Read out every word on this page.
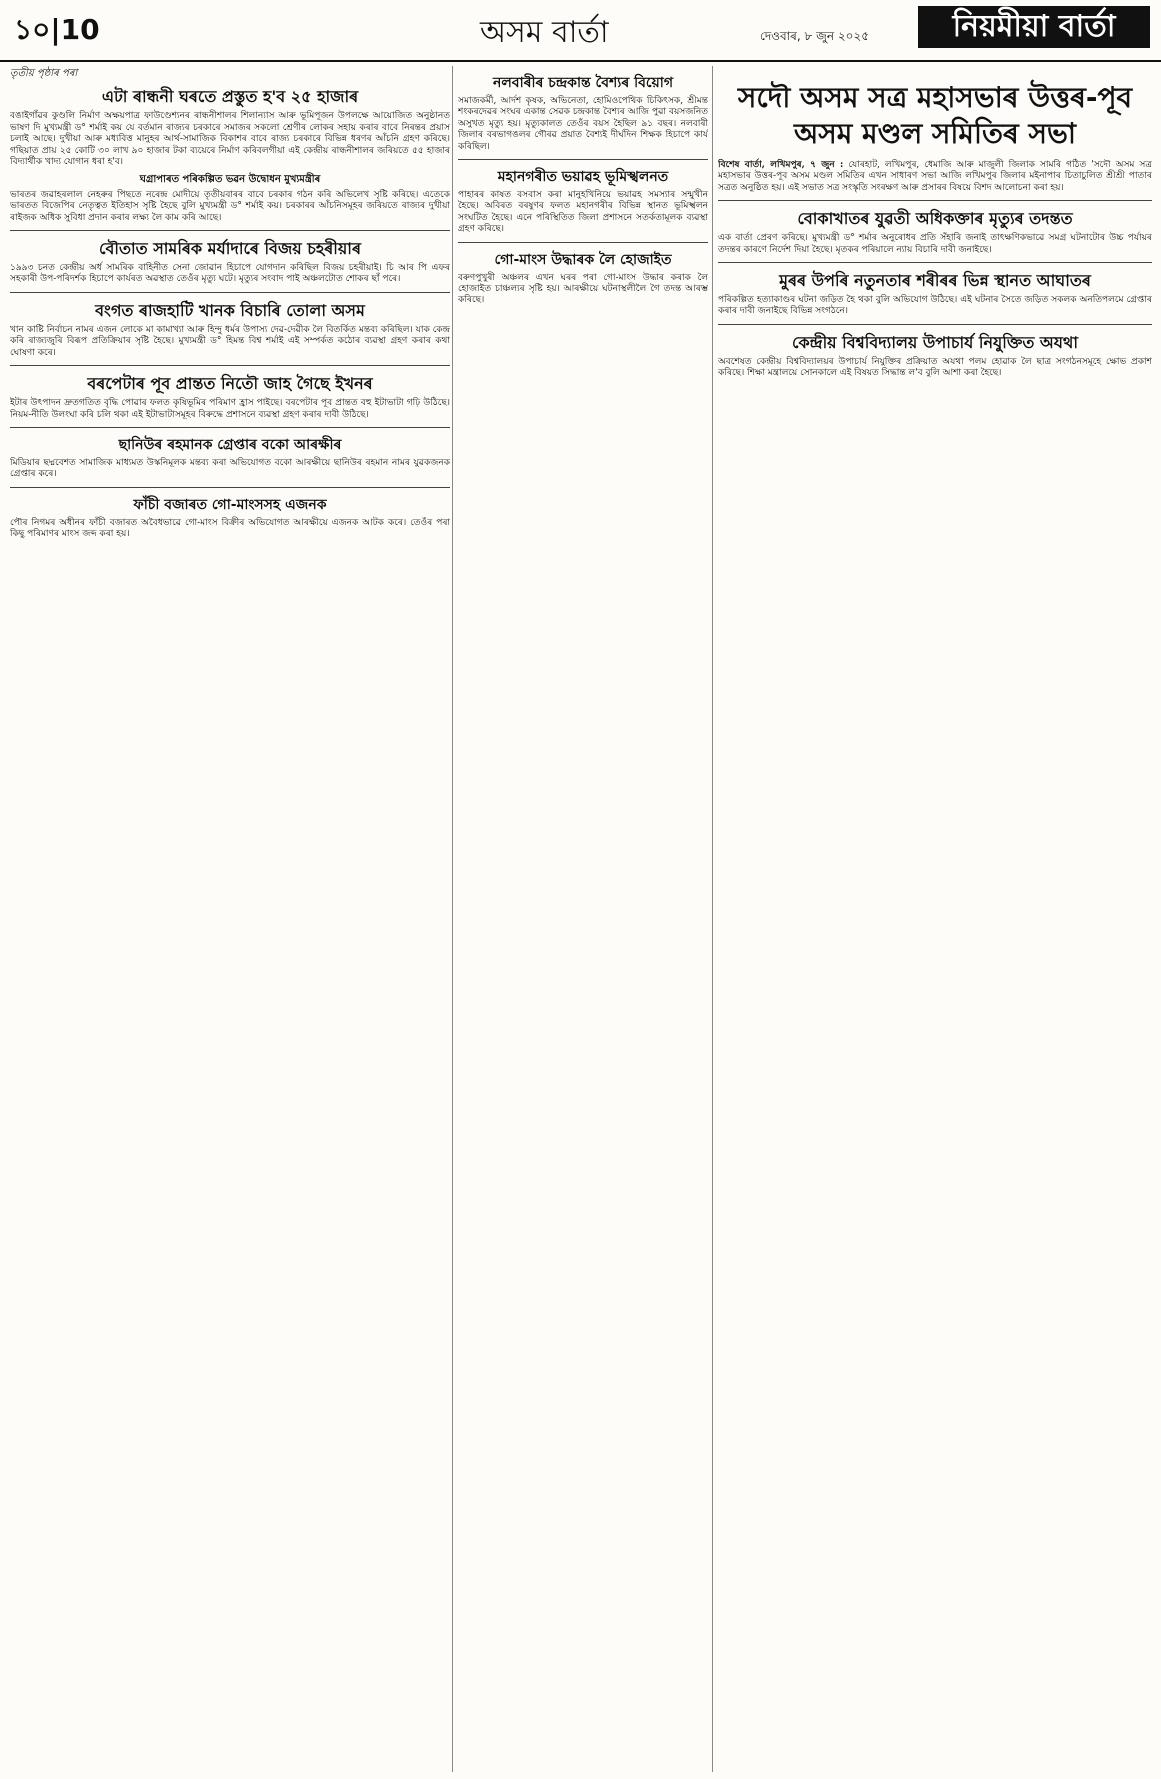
১০|10	অসম বাৰ্তা	দেওবাৰ, ৮ জুন ২০২৫	নিয়মীয়া বাৰ্তা
তৃতীয় পৃষ্ঠাৰ পৰা
এটা ৰান্ধনী ঘৰতে প্ৰস্তুত হ'ব ২৫ হাজাৰ

বঙাইগাঁৱৰ কুণ্ডলি নিৰ্মাণ অক্ষয়পাত্ৰ ফাউণ্ডেশ্যনৰ ৰান্ধনীশালৰ শিলান্যাস আৰু ভূমিপূজন উপলক্ষে আয়োজিত অনুষ্ঠানত ভাষণ দি মুখ্যমন্ত্ৰী ড° শৰ্মাই কয় যে বৰ্তমান ৰাজ্যৰ চৰকাৰে সমাজৰ সকলো শ্ৰেণীৰ লোকৰ সহায় কৰাৰ বাবে নিৰন্তৰ প্ৰয়াস চলাই আছে। দুখীয়া আৰু মধ্যবিত্ত মানুহৰ আৰ্থ-সামাজিক বিকাশৰ বাবে ৰাজ্য চৰকাৰে বিভিন্ন ধৰণৰ আঁচনি গ্ৰহণ কৰিছে। গছিয়াত প্ৰায় ২৫ কোটি ৩০ লাখ ৯০ হাজাৰ টকা ব্যয়েৰে নিৰ্মাণ কৰিবলগীয়া এই কেন্দ্ৰীয় ৰান্ধনীশালৰ জৰিয়তে ৫৫ হাজাৰ বিদ্যাৰ্থীক খাদ্য যোগান ধৰা হ'ব।

ঘগ্ৰাপাৰত পৰিকল্পিত ভৱন উদ্বোধন মুখ্যমন্ত্ৰীৰ

ভাৰতৰ জৱাহৰলাল নেহৰুৰ পিছতে নৰেন্দ্ৰ মোদীয়ে তৃতীয়বাৰৰ বাবে চৰকাৰ গঠন কৰি অভিলেখ সৃষ্টি কৰিছে। এতেকে ভাৰতত বিজেপিৰ নেতৃত্বত ইতিহাস সৃষ্টি হৈছে বুলি মুখ্যমন্ত্ৰী ড° শৰ্মাই কয়। চৰকাৰৰ আঁচনিসমূহৰ জৰিয়তে ৰাজ্যৰ দুখীয়া ৰাইজক অধিক সুবিধা প্ৰদান কৰাৰ লক্ষ্য লৈ কাম কৰি আছে।

বৌতাত সামৰিক মৰ্যাদাৰে বিজয় চহৰীয়াৰ

১৯৯৩ চনত কেন্দ্ৰীয় অৰ্ধ সামৰিক বাহিনীত সেনা জোৱান হিচাপে যোগদান কৰিছিল বিজয় চহৰীয়াই। চি আৰ পি এফৰ সহকাৰী উপ-পৰিদৰ্শক হিচাপে কাৰ্যৰত অৱস্থাত তেওঁৰ মৃত্যু ঘটে। মৃত্যুৰ সংবাদ পাই অঞ্চলটোত শোকৰ ছাঁ পৰে।

বংগত ৰাজহাটি খানক বিচাৰি তোলা অসম

খান কাষ্টি নিৰ্বাচন নামৰ এজন লোকে মা কামাখ্যা আৰু হিন্দু ধৰ্মৰ উপাস্য দেৱ-দেৱীক লৈ বিতৰ্কিত মন্তব্য কৰিছিল। যাক কেন্দ্ৰ কৰি ৰাজ্যজুৰি বিৰূপ প্ৰতিক্ৰিয়াৰ সৃষ্টি হৈছে। মুখ্যমন্ত্ৰী ড° হিমন্ত বিশ্ব শৰ্মাই এই সম্পৰ্কত কঠোৰ ব্যৱস্থা গ্ৰহণ কৰাৰ কথা ঘোষণা কৰে।

বৰপেটাৰ পূব প্ৰান্তত নিতৌ জাহ গৈছে ইখনৰ

ইটাৰ উৎপাদন দ্ৰুতগতিত বৃদ্ধি পোৱাৰ ফলত কৃষিভূমিৰ পৰিমাণ হ্ৰাস পাইছে। বৰপেটাৰ পূব প্ৰান্তত বহু ইটাভাটা গঢ়ি উঠিছে। নিয়ম-নীতি উলংঘা কৰি চলি থকা এই ইটাভাটাসমূহৰ বিৰুদ্ধে প্ৰশাসনে ব্যৱস্থা গ্ৰহণ কৰাৰ দাবী উঠিছে।

ছানিউৰ ৰহমানক গ্ৰেপ্তাৰ বকো আৰক্ষীৰ

মিডিয়াৰ ছদ্মবেশত সামাজিক মাধ্যমত উস্কনিমূলক মন্তব্য কৰা অভিযোগত বকো আৰক্ষীয়ে ছানিউৰ ৰহমান নামৰ যুৱকজনক গ্ৰেপ্তাৰ কৰে।

ফাঁচী বজাৰত গো-মাংসসহ এজনক

পৌৰ নিগমৰ অধীনৰ ফাঁচী বজাৰত অবৈধভাৱে গো-মাংস বিক্ৰীৰ অভিযোগত আৰক্ষীয়ে এজনক আটক কৰে। তেওঁৰ পৰা কিছু পৰিমাণৰ মাংস জব্দ কৰা হয়।

নলবাৰীৰ চন্দ্ৰকান্ত বৈশ্যৰ বিয়োগ

সমাজকৰ্মী, আৰ্দশ কৃষক, অভিনেতা, হোমিওপেথিক চিকিৎসক, শ্ৰীমন্ত শংকৰদেৱৰ সংঘৰ একান্ত সেৱক চন্দ্ৰকান্ত বৈশ্যৰ আজি পুৱা বয়সজনিত অসুখত মৃত্যু হয়। মৃত্যুকালত তেওঁৰ বয়স হৈছিল ৯১ বছৰ। নলবাৰী জিলাৰ বৰভাগঙলৰ গৌৰৱ প্ৰয়াত বৈশ্যই দীৰ্ঘদিন শিক্ষক হিচাপে কাৰ্য কৰিছিল।

মহানগৰীত ভয়াৱহ ভূমিস্খলনত

পাহাৰৰ কাষত বসবাস কৰা মানুহখিনিয়ে ভয়াৱহ সমস্যাৰ সন্মুখীন হৈছে। অবিৰত বৰষুণৰ ফলত মহানগৰীৰ বিভিন্ন স্থানত ভূমিস্খলন সংঘটিত হৈছে। এনে পৰিস্থিতিত জিলা প্ৰশাসনে সতৰ্কতামূলক ব্যৱস্থা গ্ৰহণ কৰিছে।

গো-মাংস উদ্ধাৰক লৈ হোজাইত

বৰুণপুখুৰী অঞ্চলৰ এখন ঘৰৰ পৰা গো-মাংস উদ্ধাৰ কৰাক লৈ হোজাইত চাঞ্চল্যৰ সৃষ্টি হয়। আৰক্ষীয়ে ঘটনাস্থলীলৈ গৈ তদন্ত আৰম্ভ কৰিছে।

সদৌ অসম সত্ৰ মহাসভাৰ উত্তৰ-পূব অসম মণ্ডল সমিতিৰ সভা

বিশেষ বাৰ্তা, লখিমপুৰ, ৭ জুন : যোৰহাট, লখিমপুৰ, ধেমাজি আৰু মাজুলী জিলাক সামৰি গঠিত 'সদৌ অসম সত্ৰ মহাসভাৰ উত্তৰ-পূব অসম মণ্ডল সমিতিৰ এখন সাধাৰণ সভা আজি লখিমপুৰ জিলাৰ মইনাপাৰ চিতাচুলিত শ্ৰীশ্ৰী পাতাৰ সত্ৰত অনুষ্ঠিত হয়। এই সভাত সত্ৰ সংস্কৃতি সংৰক্ষণ আৰু প্ৰসাৰৰ বিষয়ে বিশদ আলোচনা কৰা হয়।

বোকাখাতৰ যুৱতী অধিকক্তাৰ মৃত্যুৰ তদন্তত

এক বাৰ্তা প্ৰেৰণ কৰিছে। মুখ্যমন্ত্ৰী ড° শৰ্মাৰ অনুৰোধৰ প্ৰতি সঁহাৰি জনাই তাৎক্ষণিকভাৱে সমগ্ৰ ঘটনাটোৰ উচ্চ পৰ্যায়ৰ তদন্তৰ কাৰণে নিৰ্দেশ দিয়া হৈছে। মৃতকৰ পৰিয়ালে ন্যায় বিচাৰি দাবী জনাইছে।

মুৰৰ উপৰি নতুনতাৰ শৰীৰৰ ভিন্ন স্থানত আঘাতৰ

পৰিকল্পিত হত্যাকাণ্ডৰ ঘটনা জড়িত হৈ থকা বুলি অভিযোগ উঠিছে। এই ঘটনাৰ সৈতে জড়িত সকলক অনতিপলমে গ্ৰেপ্তাৰ কৰাৰ দাবী জনাইছে বিভিন্ন সংগঠনে।

কেন্দ্ৰীয় বিশ্ববিদ্যালয় উপাচাৰ্য নিযুক্তিত অযথা

অবশেষত কেন্দ্ৰীয় বিশ্ববিদ্যালয়ৰ উপাচাৰ্য নিযুক্তিৰ প্ৰক্ৰিয়াত অযথা পলম হোৱাক লৈ ছাত্ৰ সংগঠনসমূহে ক্ষোভ প্ৰকাশ কৰিছে। শিক্ষা মন্ত্ৰালয়ে সোনকালে এই বিষয়ত সিদ্ধান্ত ল'ব বুলি আশা কৰা হৈছে।
